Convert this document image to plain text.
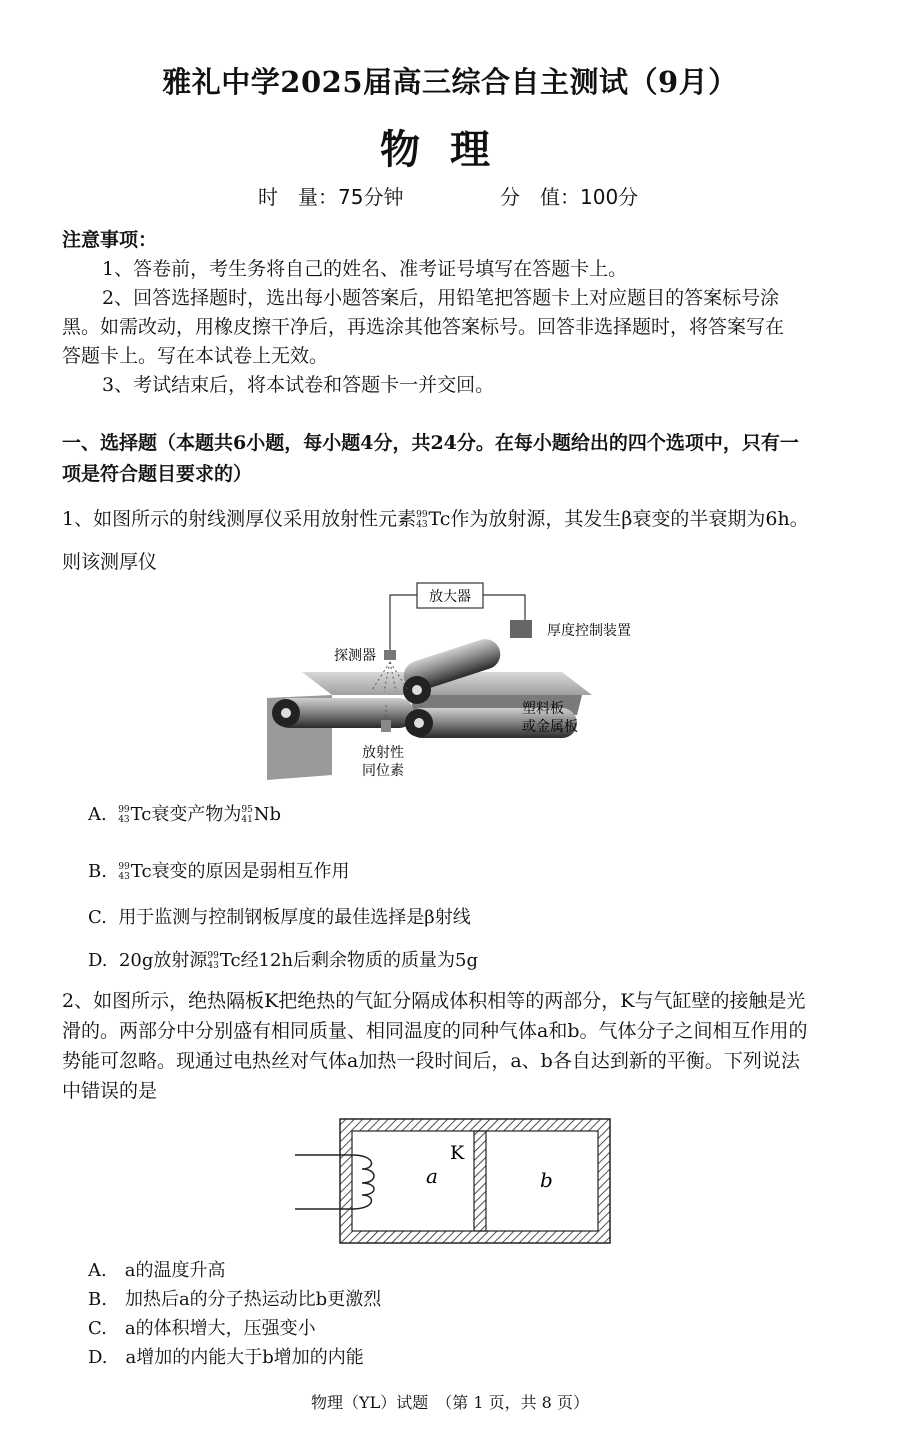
雅礼中学2025届高三综合自主测试（9月）
物理
时　量：75分钟	分　值：100分
注意事项：
1、答卷前，考生务将自己的姓名、准考证号填写在答题卡上。
2、回答选择题时，选出每小题答案后，用铅笔把答题卡上对应题目的答案标号涂
黑。如需改动，用橡皮擦干净后，再选涂其他答案标号。回答非选择题时，将答案写在
答题卡上。写在本试卷上无效。
3、考试结束后，将本试卷和答题卡一并交回。
一、选择题（本题共6小题，每小题4分，共24分。在每小题给出的四个选项中，只有一
项是符合题目要求的）
1、如图所示的射线测厚仪采用放射性元素 99
43 Tc作为放射源，其发生β衰变的半衰期为6h。
则该测厚仪
放大器
厚度控制装置
探测器
塑料板
或金属板
放射性
同位素
A. 99
43 Tc衰变产物为 95
41 Nb
B. 99
43 Tc衰变的原因是弱相互作用
C. 用于监测与控制钢板厚度的最佳选择是β射线
D. 20g放射源 99
43 Tc经12h后剩余物质的质量为5g
2、如图所示，绝热隔板K把绝热的气缸分隔成体积相等的两部分，K与气缸壁的接触是光
滑的。两部分中分别盛有相同质量、相同温度的同种气体a和b。气体分子之间相互作用的
势能可忽略。现通过电热丝对气体a加热一段时间后，a、b各自达到新的平衡。下列说法
中错误的是
a
K
b
A.　a的温度升高
B.　加热后a的分子热运动比b更激烈
C.　a的体积增大，压强变小
D.　a增加的内能大于b增加的内能
物理（YL）试题　（第 1 页，共 8 页）
